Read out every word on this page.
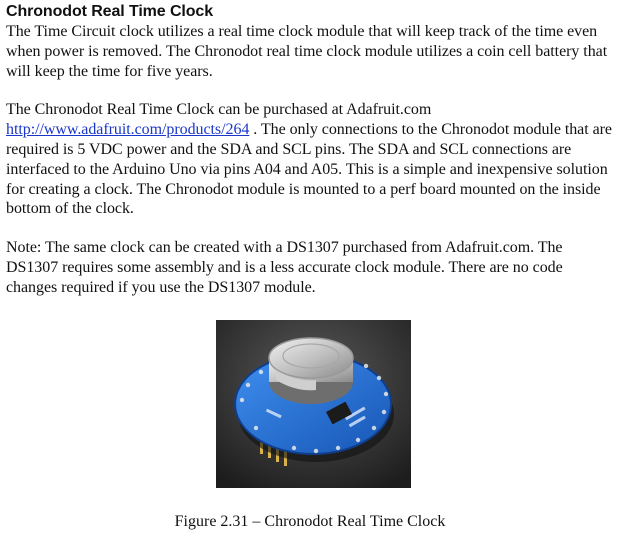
Chronodot Real Time Clock

The Time Circuit clock utilizes a real time clock module that will keep track of the time even when power is removed. The Chronodot real time clock module utilizes a coin cell battery that will keep the time for five years.

The Chronodot Real Time Clock can be purchased at Adafruit.com
http://www.adafruit.com/products/264 . The only connections to the Chronodot module that are required is 5 VDC power and the SDA and SCL pins. The SDA and SCL connections are interfaced to the Arduino Uno via pins A04 and A05. This is a simple and inexpensive solution for creating a clock. The Chronodot module is mounted to a perf board mounted on the inside bottom of the clock.

Note: The same clock can be created with a DS1307 purchased from Adafruit.com. The DS1307 requires some assembly and is a less accurate clock module. There are no code changes required if you use the DS1307 module.

Figure 2.31 – Chronodot Real Time Clock
